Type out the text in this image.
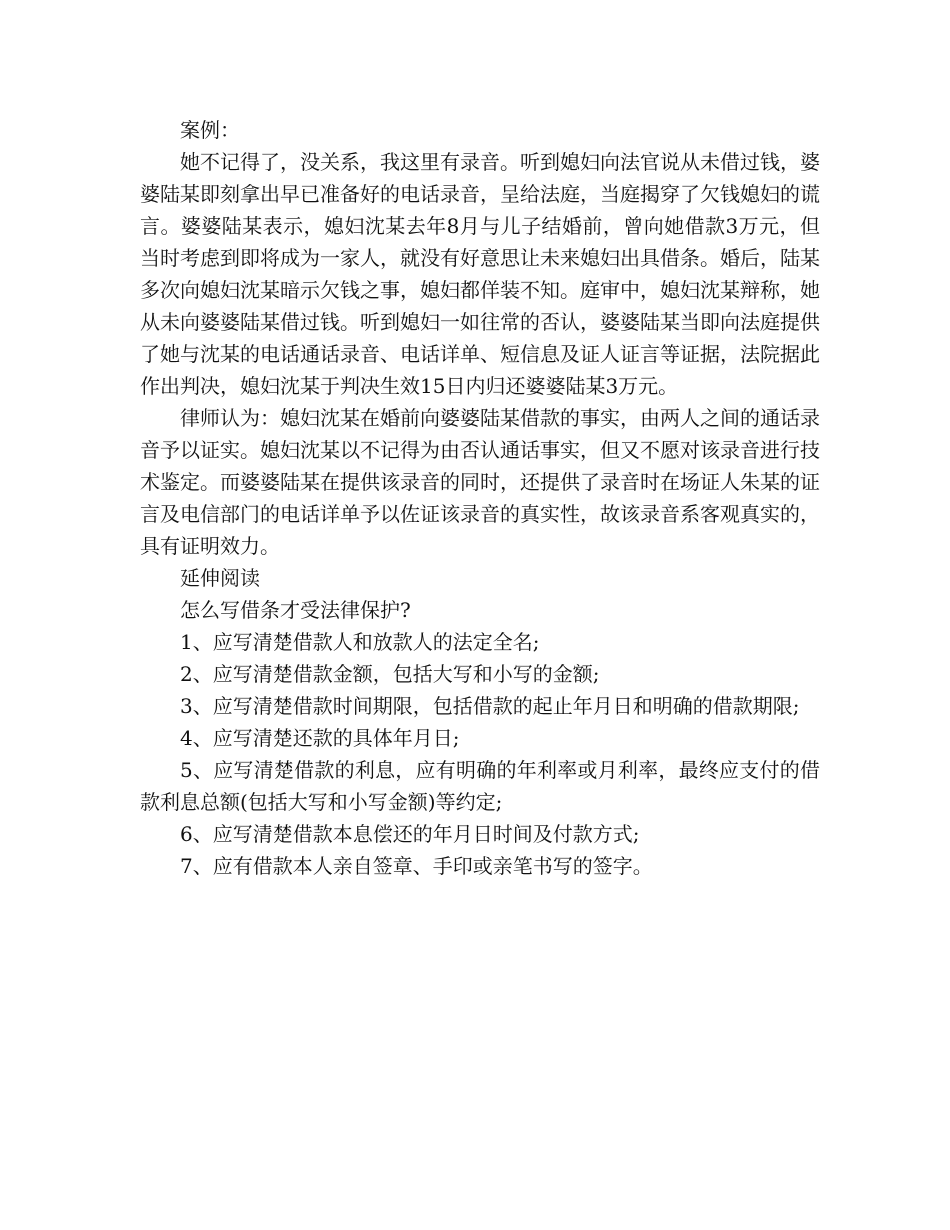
案例：

她不记得了，没关系，我这里有录音。听到媳妇向法官说从未借过钱，婆婆陆某即刻拿出早已准备好的电话录音，呈给法庭，当庭揭穿了欠钱媳妇的谎言。婆婆陆某表示，媳妇沈某去年8月与儿子结婚前，曾向她借款3万元，但当时考虑到即将成为一家人，就没有好意思让未来媳妇出具借条。婚后，陆某多次向媳妇沈某暗示欠钱之事，媳妇都佯装不知。庭审中，媳妇沈某辩称，她从未向婆婆陆某借过钱。听到媳妇一如往常的否认，婆婆陆某当即向法庭提供了她与沈某的电话通话录音、电话详单、短信息及证人证言等证据，法院据此作出判决，媳妇沈某于判决生效15日内归还婆婆陆某3万元。

律师认为：媳妇沈某在婚前向婆婆陆某借款的事实，由两人之间的通话录音予以证实。媳妇沈某以不记得为由否认通话事实，但又不愿对该录音进行技术鉴定。而婆婆陆某在提供该录音的同时，还提供了录音时在场证人朱某的证言及电信部门的电话详单予以佐证该录音的真实性，故该录音系客观真实的，具有证明效力。

延伸阅读

怎么写借条才受法律保护?

1、应写清楚借款人和放款人的法定全名;

2、应写清楚借款金额，包括大写和小写的金额;

3、应写清楚借款时间期限，包括借款的起止年月日和明确的借款期限;

4、应写清楚还款的具体年月日;

5、应写清楚借款的利息，应有明确的年利率或月利率，最终应支付的借款利息总额(包括大写和小写金额)等约定;

6、应写清楚借款本息偿还的年月日时间及付款方式;

7、应有借款本人亲自签章、手印或亲笔书写的签字。
